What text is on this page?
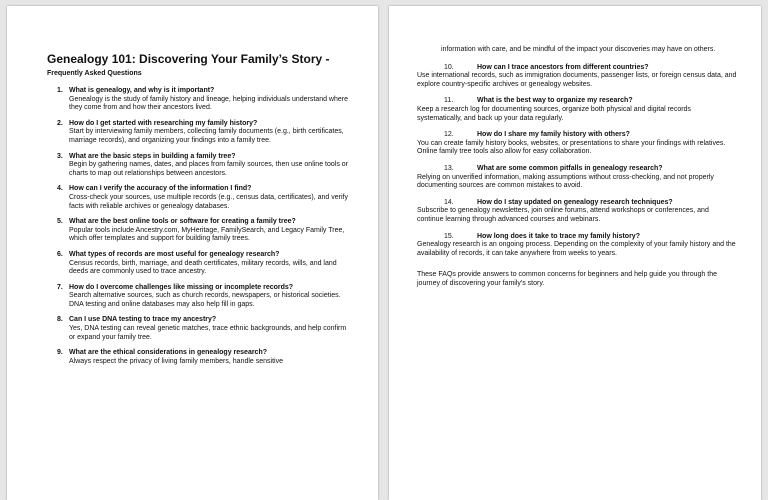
Genealogy 101: Discovering Your Family’s Story -

Frequently Asked Questions

1. What is genealogy, and why is it important?
Genealogy is the study of family history and lineage, helping individuals understand where they come from and how their ancestors lived.
2. How do I get started with researching my family history?
Start by interviewing family members, collecting family documents (e.g., birth certificates, marriage records), and organizing your findings into a family tree.
3. What are the basic steps in building a family tree?
Begin by gathering names, dates, and places from family sources, then use online tools or charts to map out relationships between ancestors.
4. How can I verify the accuracy of the information I find?
Cross-check your sources, use multiple records (e.g., census data, certificates), and verify facts with reliable archives or genealogy databases.
5. What are the best online tools or software for creating a family tree?
Popular tools include Ancestry.com, MyHeritage, FamilySearch, and Legacy Family Tree, which offer templates and support for building family trees.
6. What types of records are most useful for genealogy research?
Census records, birth, marriage, and death certificates, military records, wills, and land deeds are commonly used to trace ancestry.
7. How do I overcome challenges like missing or incomplete records?
Search alternative sources, such as church records, newspapers, or historical societies. DNA testing and online databases may also help fill in gaps.
8. Can I use DNA testing to trace my ancestry?
Yes, DNA testing can reveal genetic matches, trace ethnic backgrounds, and help confirm or expand your family tree.
9. What are the ethical considerations in genealogy research?
Always respect the privacy of living family members, handle sensitive

information with care, and be mindful of the impact your discoveries may have on others.

10.	How can I trace ancestors from different countries?
Use international records, such as immigration documents, passenger lists, or foreign census data, and explore country-specific archives or genealogy websites.
11.	What is the best way to organize my research?
Keep a research log for documenting sources, organize both physical and digital records systematically, and back up your data regularly.
12.	How do I share my family history with others?
You can create family history books, websites, or presentations to share your findings with relatives. Online family tree tools also allow for easy collaboration.
13.	What are some common pitfalls in genealogy research?
Relying on unverified information, making assumptions without cross-checking, and not properly documenting sources are common mistakes to avoid.
14.	How do I stay updated on genealogy research techniques?
Subscribe to genealogy newsletters, join online forums, attend workshops or conferences, and continue learning through advanced courses and webinars.
15.	How long does it take to trace my family history?
Genealogy research is an ongoing process. Depending on the complexity of your family history and the availability of records, it can take anywhere from weeks to years.

These FAQs provide answers to common concerns for beginners and help guide you through the journey of discovering your family's story.
